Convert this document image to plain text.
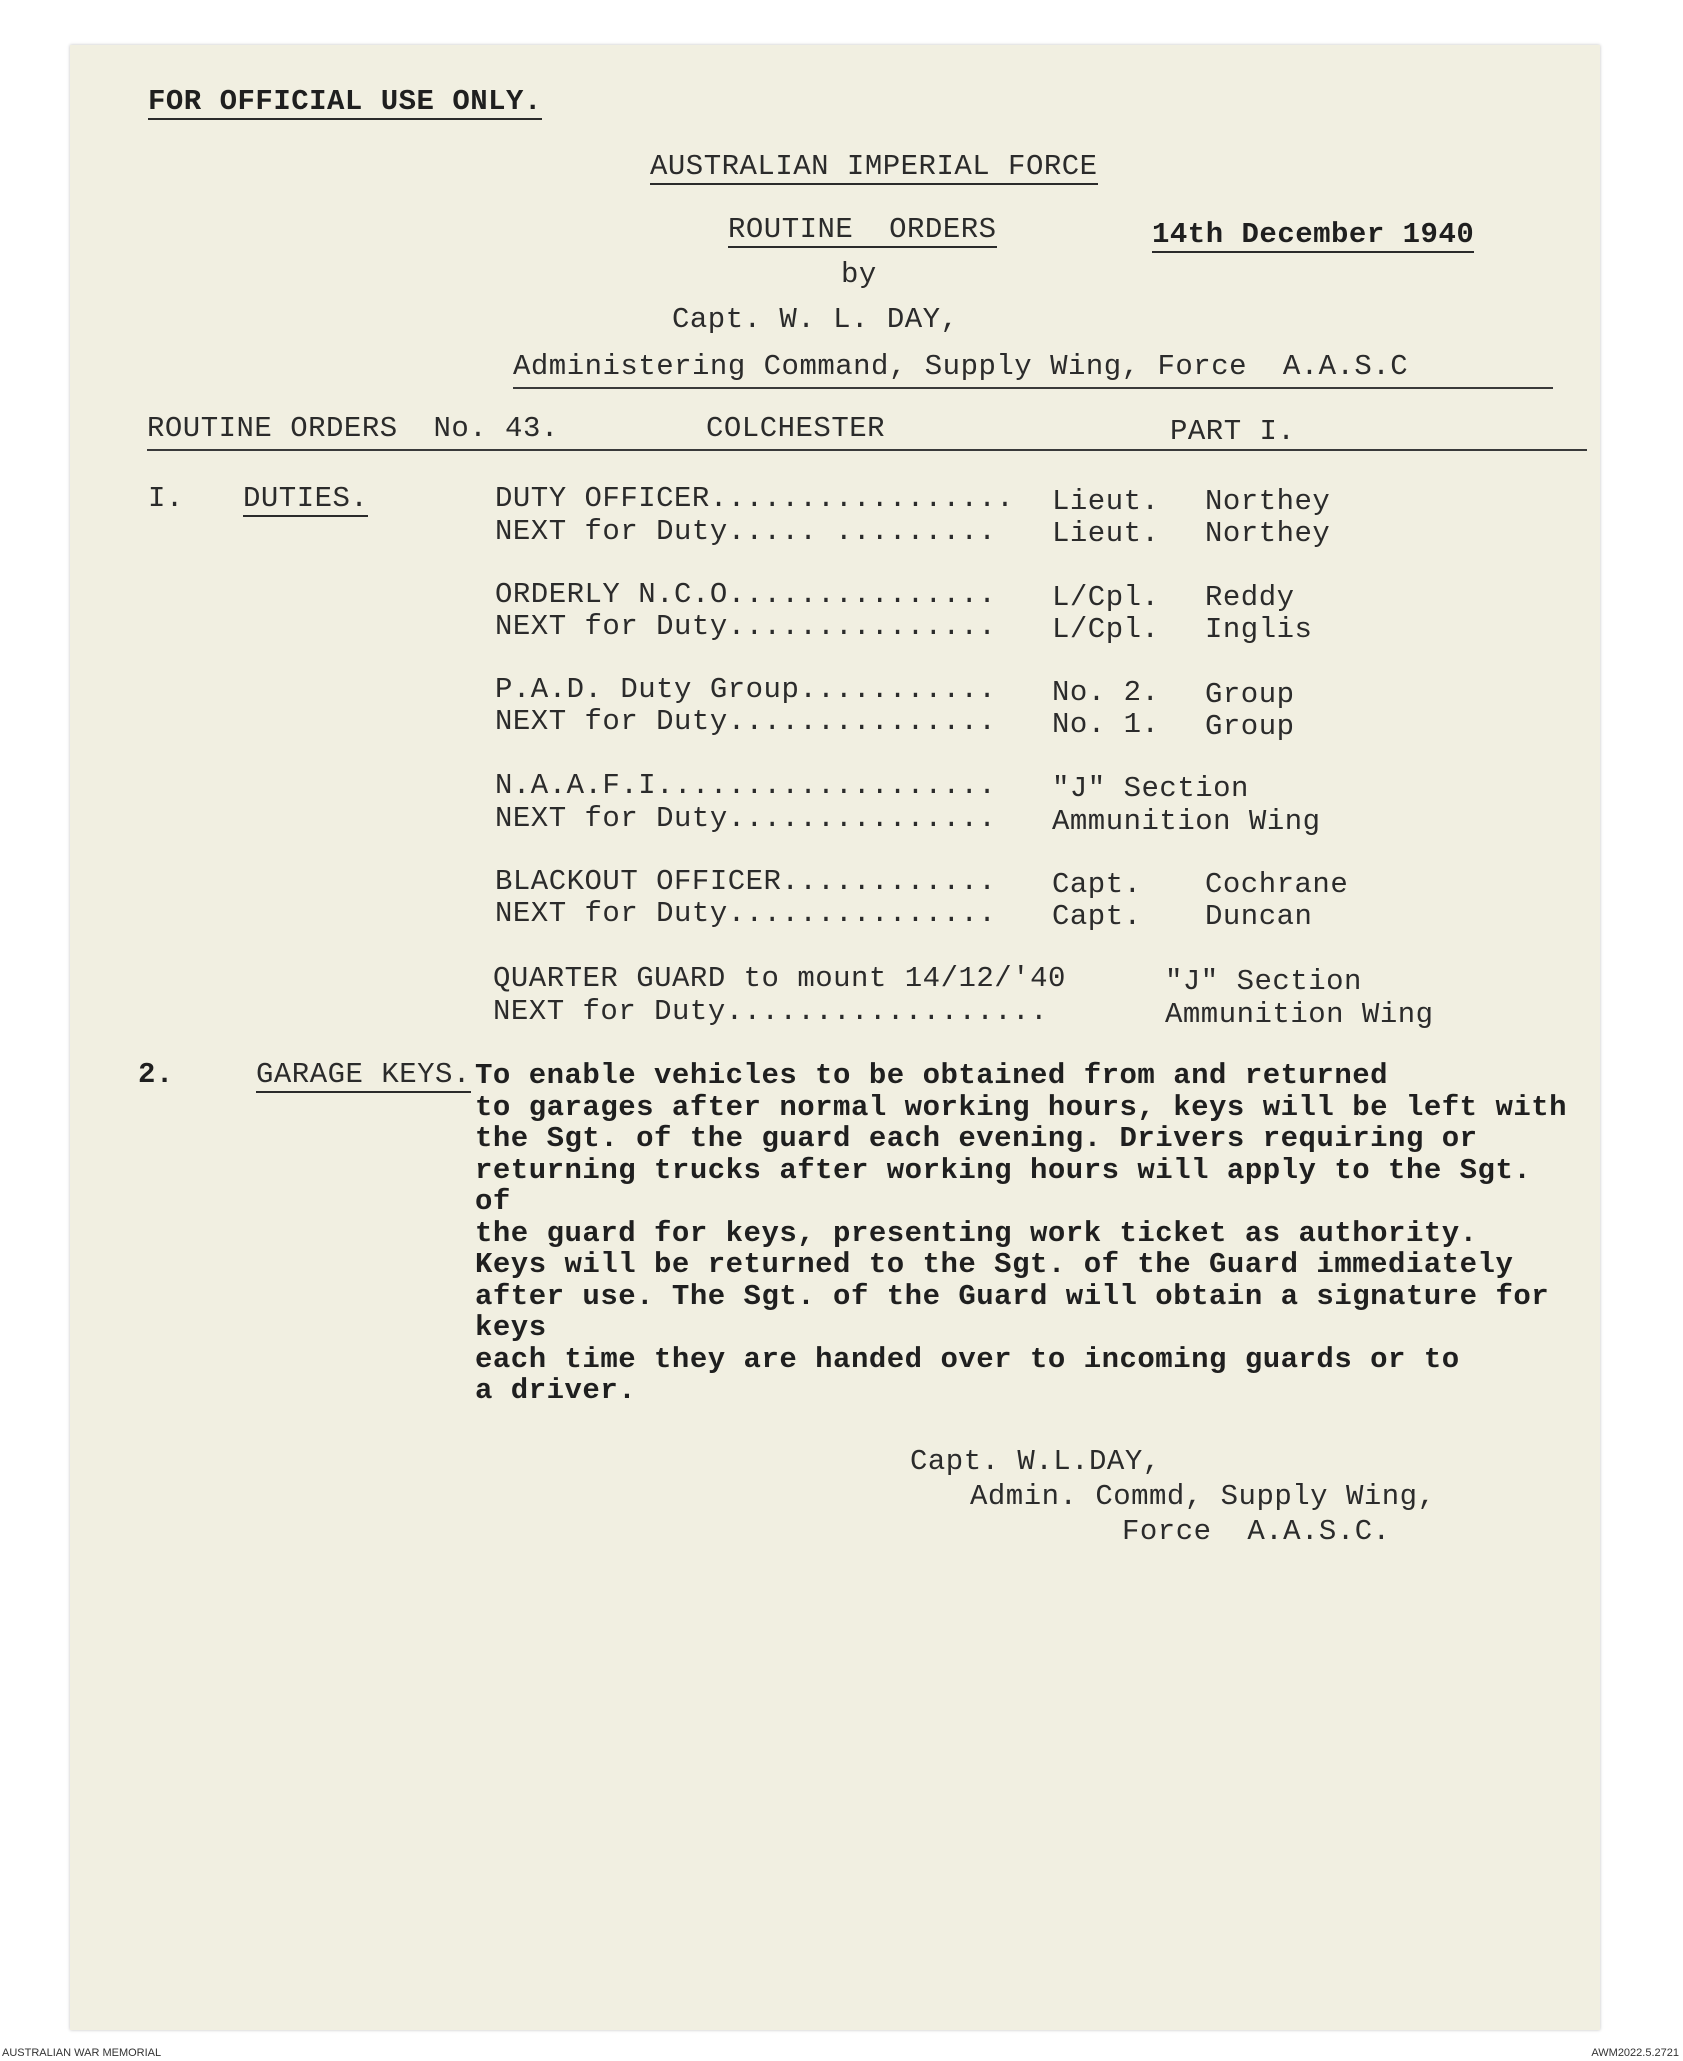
FOR OFFICIAL USE ONLY.
AUSTRALIAN IMPERIAL FORCE
ROUTINE  ORDERS	14th December 1940
by
Capt. W. L. DAY,
Administering Command, Supply Wing, Force  A.A.S.C
ROUTINE ORDERS  No. 43.	COLCHESTER	PART I.
I. DUTIES.	DUTY OFFICER................. Lieut. Northey
NEXT for Duty..... ......... Lieut. Northey
ORDERLY N.C.O............... L/Cpl. Reddy
NEXT for Duty............... L/Cpl. Inglis
P.A.D. Duty Group........... No. 2. Group
NEXT for Duty............... No. 1. Group
N.A.A.F.I................... "J" Section
NEXT for Duty............... Ammunition Wing
BLACKOUT OFFICER............ Capt. Cochrane
NEXT for Duty............... Capt. Duncan
QUARTER GUARD to mount 14/12/'40	"J" Section
NEXT for Duty..................	Ammunition Wing
2.	GARAGE KEYS. To enable vehicles to be obtained from and returned
to garages after normal working hours, keys will be left with
the Sgt. of the guard each evening. Drivers requiring or
returning trucks after working hours will apply to the Sgt. of
the guard for keys, presenting work ticket as authority.
Keys will be returned to the Sgt. of the Guard immediately
after use. The Sgt. of the Guard will obtain a signature for keys
each time they are handed over to incoming guards or to
a driver.
Capt. W.L.DAY,
Admin. Commd, Supply Wing,
Force  A.A.S.C.
AUSTRALIAN WAR MEMORIAL	AWM2022.5.2721
